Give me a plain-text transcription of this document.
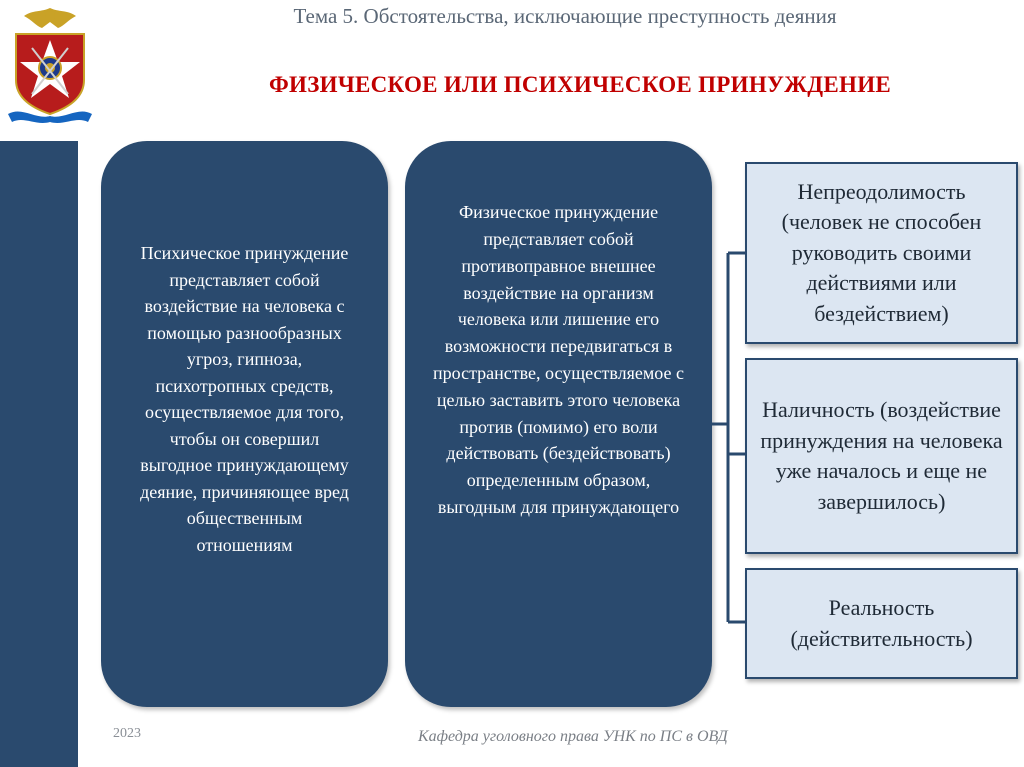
Тема 5. Обстоятельства, исключающие преступность деяния
ФИЗИЧЕСКОЕ ИЛИ ПСИХИЧЕСКОЕ ПРИНУЖДЕНИЕ

Психическое принуждение представляет собой воздействие на человека с помощью разнообразных угроз, гипноза, психотропных средств, осуществляемое для того, чтобы он совершил выгодное принуждающему деяние, причиняющее вред общественным отношениям

Физическое принуждение представляет собой противоправное внешнее воздействие на организм человека или лишение его возможности передвигаться в пространстве, осуществляемое с целью заставить этого человека против (помимо) его воли действовать (бездействовать) определенным образом, выгодным для принуждающего

Непреодолимость (человек не способен руководить своими действиями или бездействием)

Наличность (воздействие принуждения на человека уже началось и еще не завершилось)

Реальность (действительность)

2023	Кафедра уголовного права УНК по ПС в ОВД
